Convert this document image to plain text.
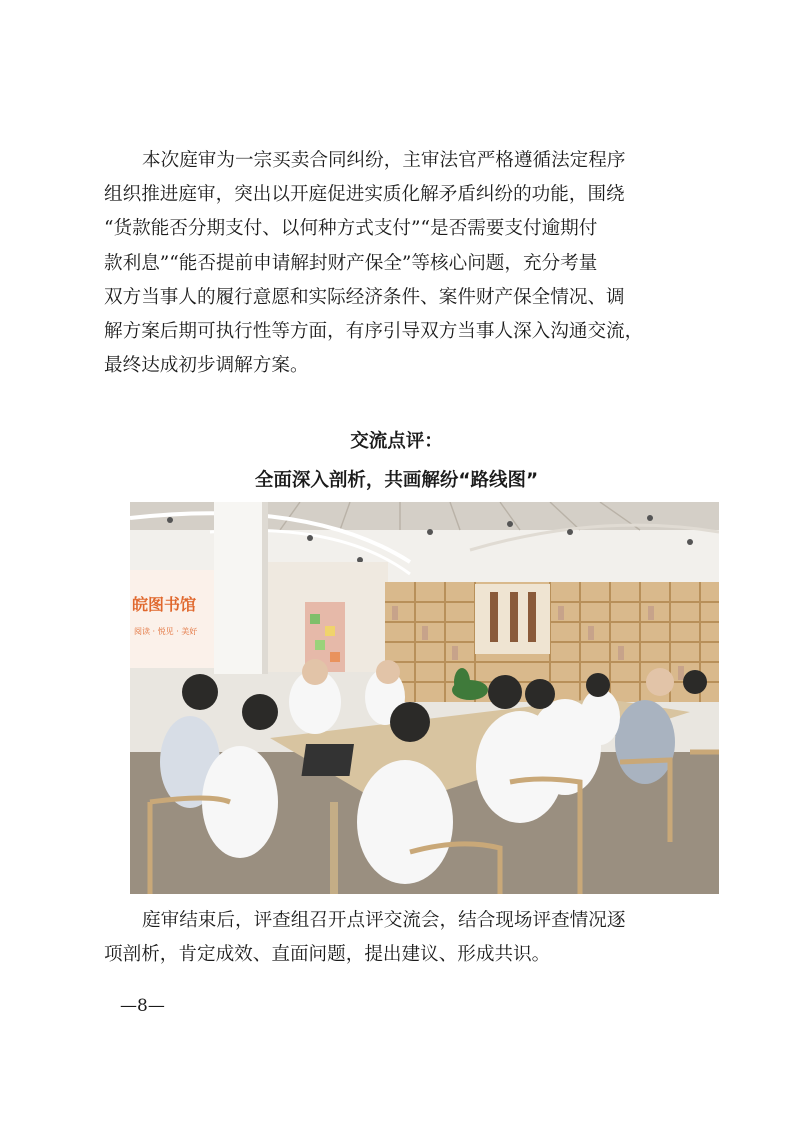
本次庭审为一宗买卖合同纠纷，主审法官严格遵循法定程序
组织推进庭审，突出以开庭促进实质化解矛盾纠纷的功能，围绕
“货款能否分期支付、以何种方式支付”“是否需要支付逾期付
款利息”“能否提前申请解封财产保全”等核心问题，充分考量
双方当事人的履行意愿和实际经济条件、案件财产保全情况、调
解方案后期可执行性等方面，有序引导双方当事人深入沟通交流，
最终达成初步调解方案。
交流点评：
全面深入剖析，共画解纷“路线图”
皖图书馆
阅读 · 悦见 · 美好
庭审结束后，评查组召开点评交流会，结合现场评查情况逐
项剖析，肯定成效、直面问题，提出建议、形成共识。
—8—
